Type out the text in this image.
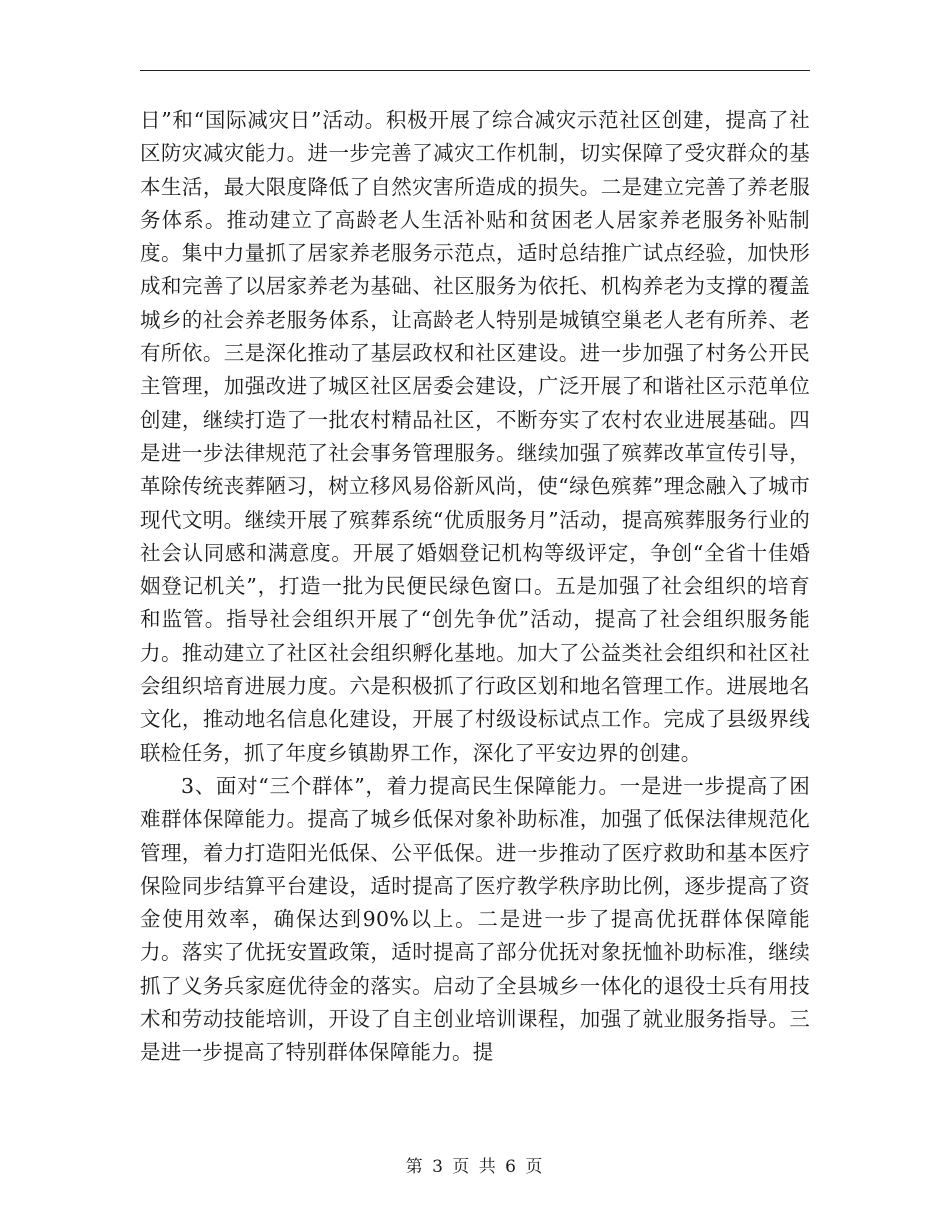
日”和“国际减灾日”活动。积极开展了综合减灾示范社区创建，提高了社区防灾减灾能力。进一步完善了减灾工作机制，切实保障了受灾群众的基本生活，最大限度降低了自然灾害所造成的损失。二是建立完善了养老服务体系。推动建立了高龄老人生活补贴和贫困老人居家养老服务补贴制度。集中力量抓了居家养老服务示范点，适时总结推广试点经验，加快形成和完善了以居家养老为基础、社区服务为依托、机构养老为支撑的覆盖城乡的社会养老服务体系，让高龄老人特别是城镇空巢老人老有所养、老有所依。三是深化推动了基层政权和社区建设。进一步加强了村务公开民主管理，加强改进了城区社区居委会建设，广泛开展了和谐社区示范单位创建，继续打造了一批农村精品社区，不断夯实了农村农业进展基础。四是进一步法律规范了社会事务管理服务。继续加强了殡葬改革宣传引导，革除传统丧葬陋习，树立移风易俗新风尚，使“绿色殡葬”理念融入了城市现代文明。继续开展了殡葬系统“优质服务月”活动，提高殡葬服务行业的社会认同感和满意度。开展了婚姻登记机构等级评定，争创“全省十佳婚姻登记机关”，打造一批为民便民绿色窗口。五是加强了社会组织的培育和监管。指导社会组织开展了“创先争优”活动，提高了社会组织服务能力。推动建立了社区社会组织孵化基地。加大了公益类社会组织和社区社会组织培育进展力度。六是积极抓了行政区划和地名管理工作。进展地名文化，推动地名信息化建设，开展了村级设标试点工作。完成了县级界线联检任务，抓了年度乡镇勘界工作，深化了平安边界的创建。

3、面对“三个群体”，着力提高民生保障能力。一是进一步提高了困难群体保障能力。提高了城乡低保对象补助标准，加强了低保法律规范化管理，着力打造阳光低保、公平低保。进一步推动了医疗救助和基本医疗保险同步结算平台建设，适时提高了医疗教学秩序助比例，逐步提高了资金使用效率，确保达到90%以上。二是进一步了提高优抚群体保障能力。落实了优抚安置政策，适时提高了部分优抚对象抚恤补助标准，继续抓了义务兵家庭优待金的落实。启动了全县城乡一体化的退役士兵有用技术和劳动技能培训，开设了自主创业培训课程，加强了就业服务指导。三是进一步提高了特别群体保障能力。提

第 3 页 共 6 页
